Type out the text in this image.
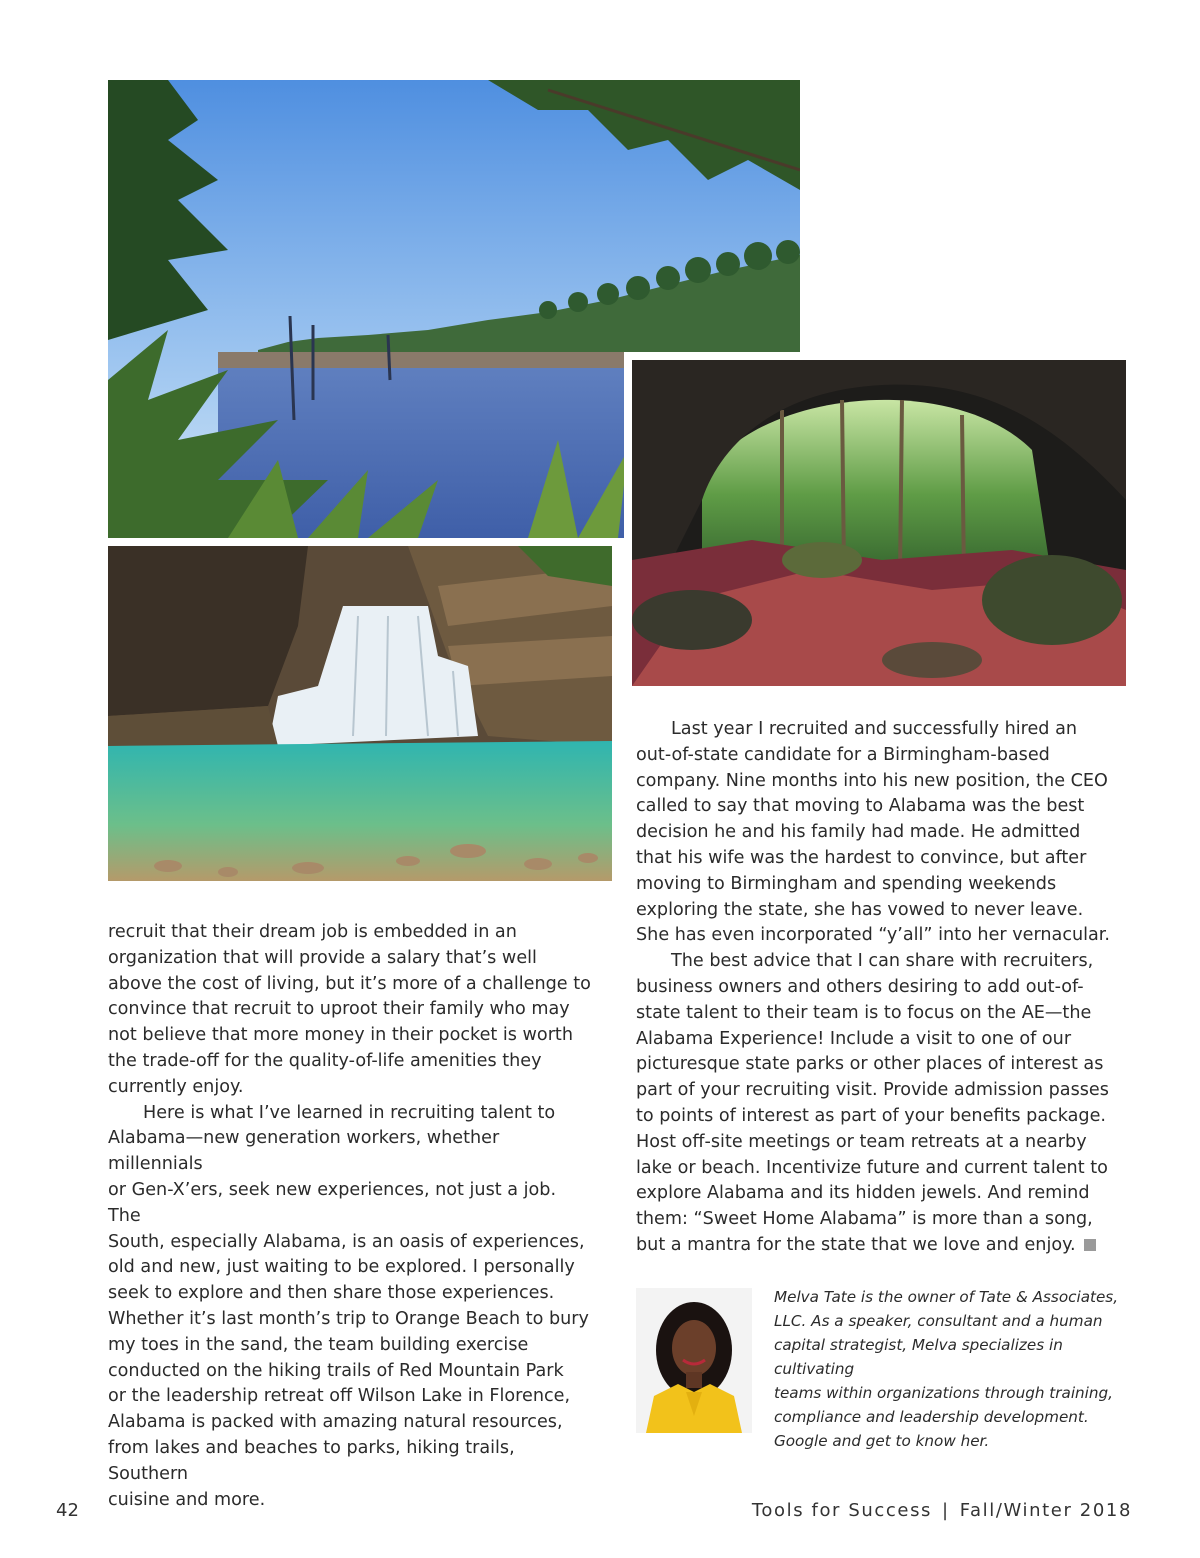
recruit that their dream job is embedded in an
organization that will provide a salary that’s well
above the cost of living, but it’s more of a challenge to
convince that recruit to uproot their family who may
not believe that more money in their pocket is worth
the trade-off for the quality-of-life amenities they
currently enjoy.

Here is what I’ve learned in recruiting talent to
Alabama—new generation workers, whether millennials
or Gen-X’ers, seek new experiences, not just a job. The
South, especially Alabama, is an oasis of experiences,
old and new, just waiting to be explored. I personally
seek to explore and then share those experiences.
Whether it’s last month’s trip to Orange Beach to bury
my toes in the sand, the team building exercise
conducted on the hiking trails of Red Mountain Park
or the leadership retreat off Wilson Lake in Florence,
Alabama is packed with amazing natural resources,
from lakes and beaches to parks, hiking trails, Southern
cuisine and more.

Last year I recruited and successfully hired an
out-of-state candidate for a Birmingham-based
company. Nine months into his new position, the CEO
called to say that moving to Alabama was the best
decision he and his family had made. He admitted
that his wife was the hardest to convince, but after
moving to Birmingham and spending weekends
exploring the state, she has vowed to never leave.
She has even incorporated “y’all” into her vernacular.

The best advice that I can share with recruiters,
business owners and others desiring to add out-of-
state talent to their team is to focus on the AE—the
Alabama Experience! Include a visit to one of our
picturesque state parks or other places of interest as
part of your recruiting visit. Provide admission passes
to points of interest as part of your benefits package.
Host off-site meetings or team retreats at a nearby
lake or beach. Incentivize future and current talent to
explore Alabama and its hidden jewels. And remind
them: “Sweet Home Alabama” is more than a song,
but a mantra for the state that we love and enjoy.

Melva Tate is the owner of Tate & Associates,
LLC. As a speaker, consultant and a human
capital strategist, Melva specializes in cultivating
teams within organizations through training,
compliance and leadership development.
Google and get to know her.
42	Tools for Success | Fall/Winter 2018
